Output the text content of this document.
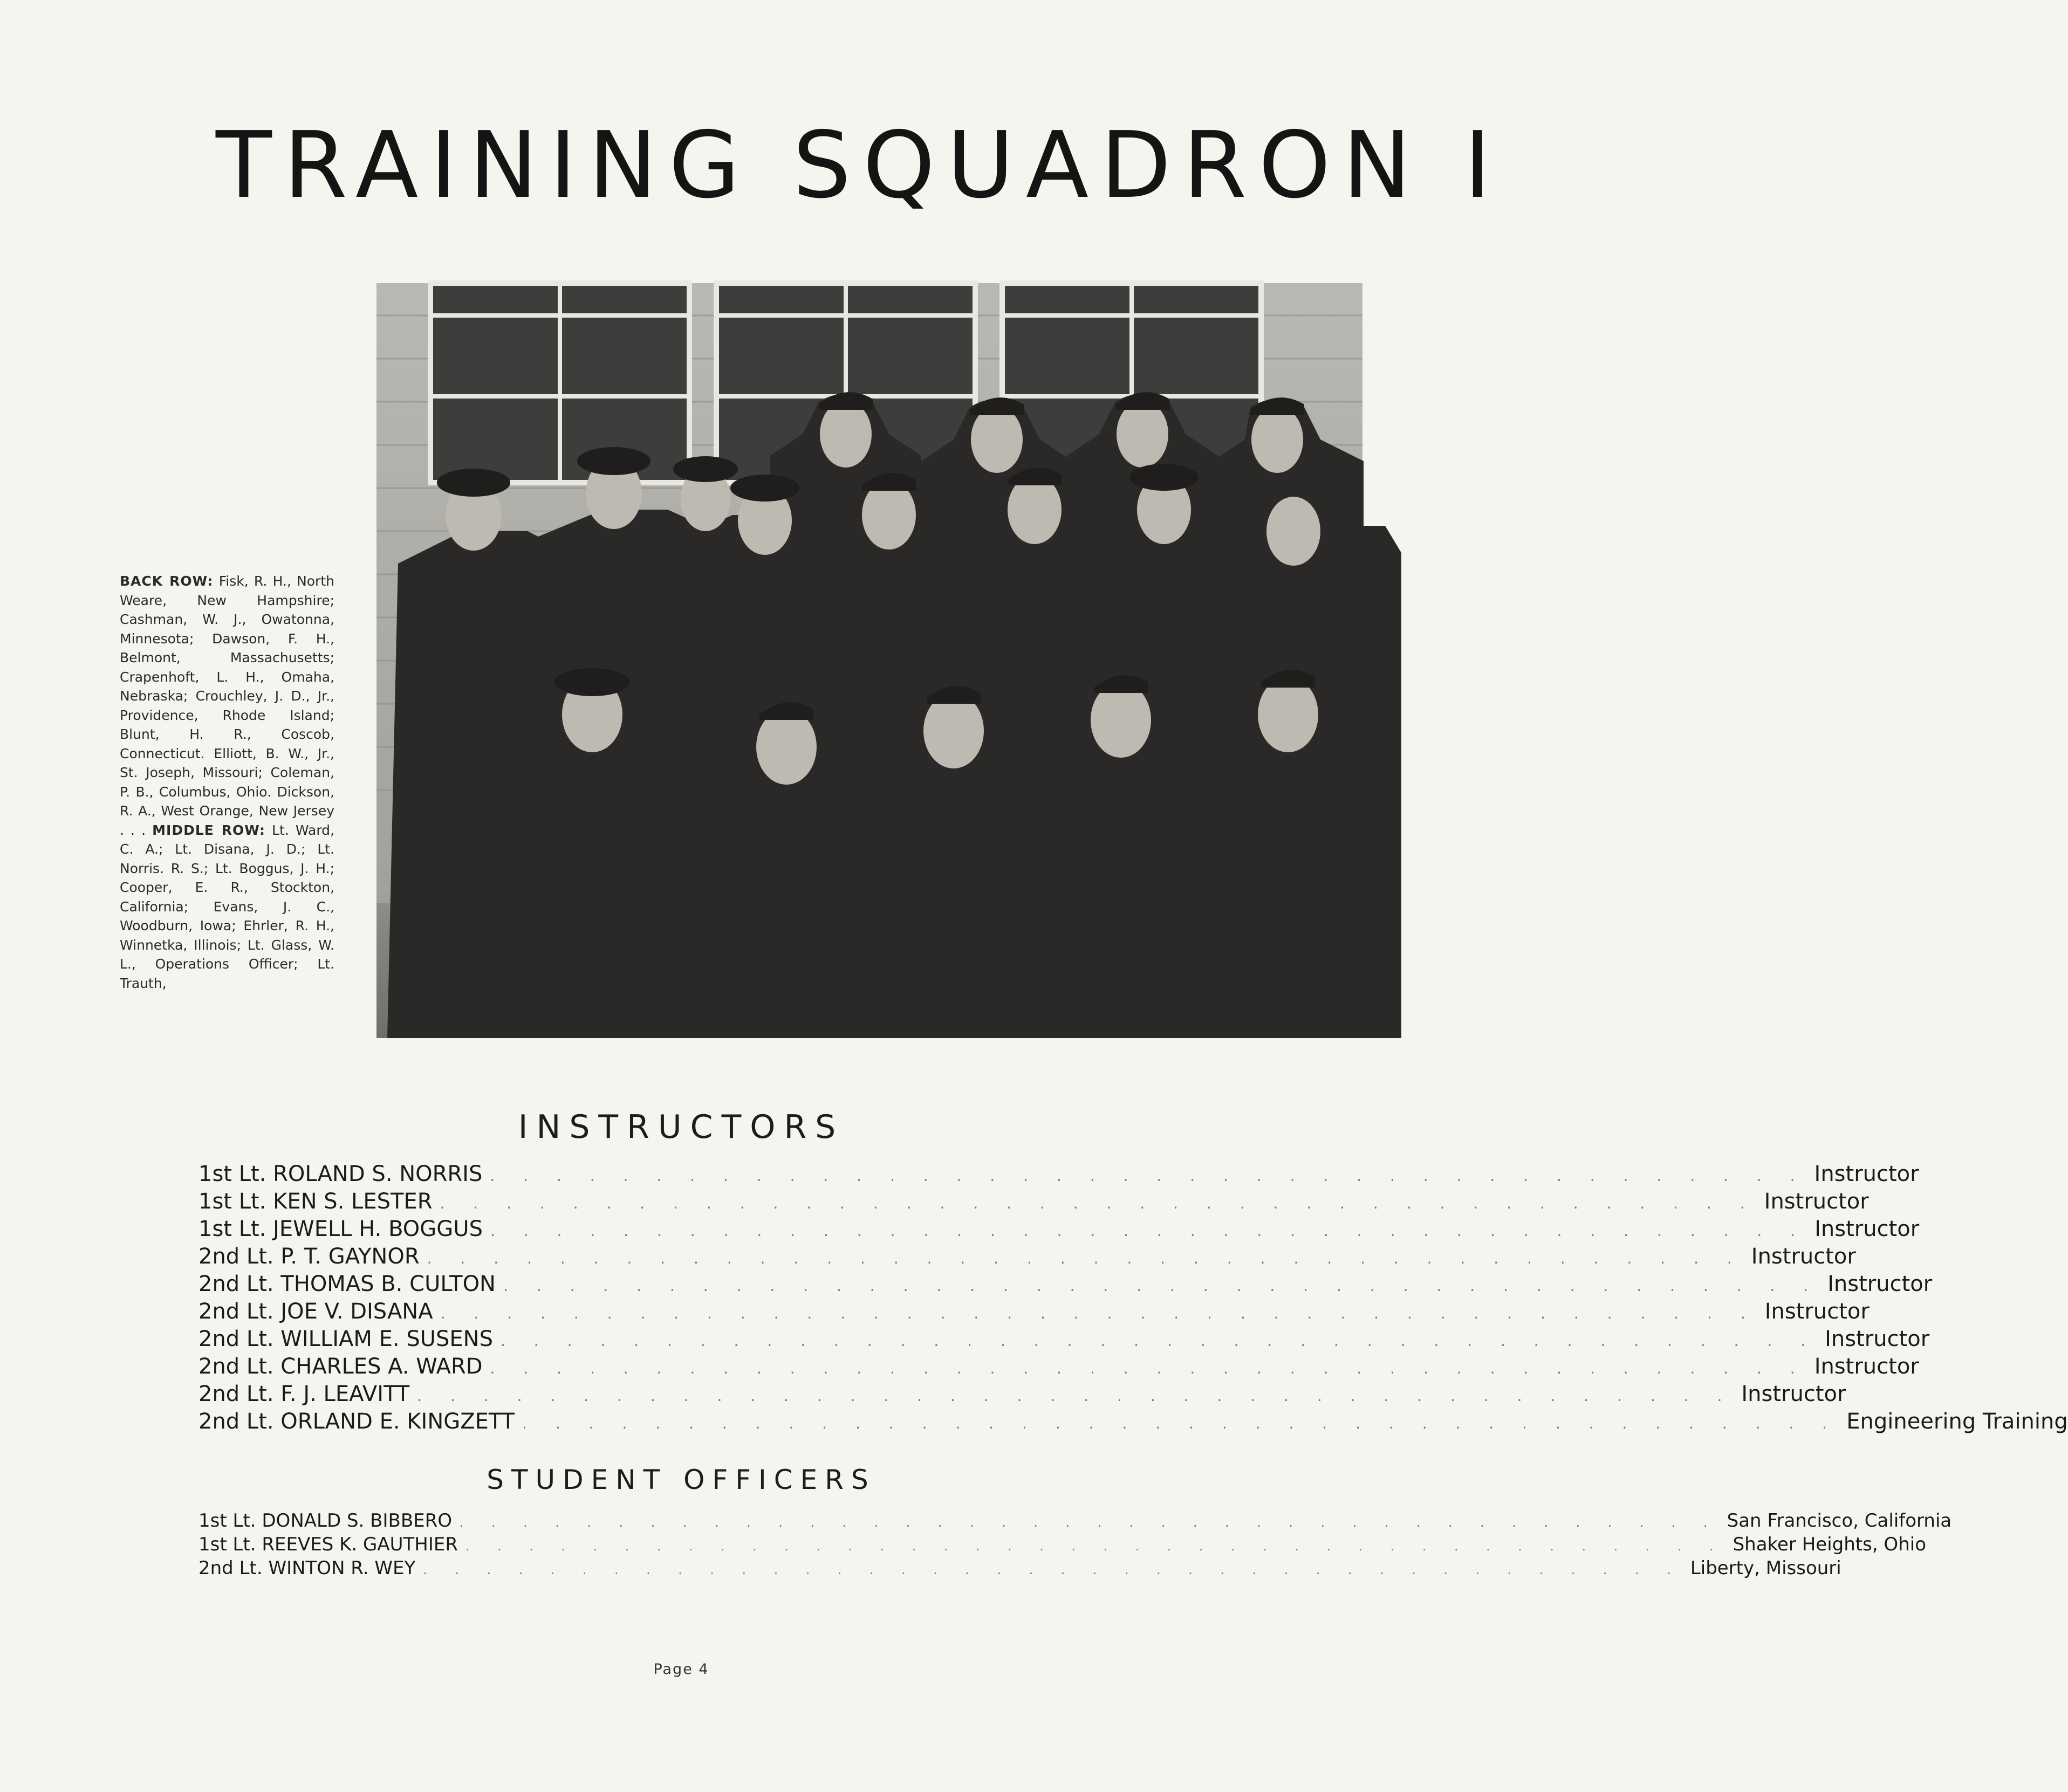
TRAINING SQUADRON I
BACK ROW: Fisk, R. H., North Weare, New Hampshire; Cashman, W. J., Owatonna, Minnesota; Dawson, F. H., Belmont, Massachusetts; Crapenhoft, L. H., Omaha, Nebraska; Crouchley, J. D., Jr., Providence, Rhode Island; Blunt, H. R., Coscob, Connecticut. Elliott, B. W., Jr., St. Joseph, Missouri; Coleman, P. B., Columbus, Ohio. Dickson, R. A., West Orange, New Jersey . . . MIDDLE ROW: Lt. Ward, C. A.; Lt. Disana, J. D.; Lt. Norris. R. S.; Lt. Boggus, J. H.; Cooper, E. R., Stockton, California; Evans, J. C., Woodburn, Iowa; Ehrler, R. H., Winnetka, Illinois; Lt. Glass, W. L., Operations Officer; Lt. Trauth,
INSTRUCTORS
1st Lt. ROLAND S. NORRIS . . . . . . . . . . . . . . . . . . . . . . . . . . . . . . . . . . . . . . . . Instructor
1st Lt. KEN S. LESTER . . . . . . . . . . . . . . . . . . . . . . . . . . . . . . . . . . . . . . . . Instructor
1st Lt. JEWELL H. BOGGUS . . . . . . . . . . . . . . . . . . . . . . . . . . . . . . . . . . . . . . . . Instructor
2nd Lt. P. T. GAYNOR . . . . . . . . . . . . . . . . . . . . . . . . . . . . . . . . . . . . . . . . Instructor
2nd Lt. THOMAS B. CULTON . . . . . . . . . . . . . . . . . . . . . . . . . . . . . . . . . . . . . . . . Instructor
2nd Lt. JOE V. DISANA . . . . . . . . . . . . . . . . . . . . . . . . . . . . . . . . . . . . . . . . Instructor
2nd Lt. WILLIAM E. SUSENS . . . . . . . . . . . . . . . . . . . . . . . . . . . . . . . . . . . . . . . . Instructor
2nd Lt. CHARLES A. WARD . . . . . . . . . . . . . . . . . . . . . . . . . . . . . . . . . . . . . . . . Instructor
2nd Lt. F. J. LEAVITT . . . . . . . . . . . . . . . . . . . . . . . . . . . . . . . . . . . . . . . . Instructor
2nd Lt. ORLAND E. KINGZETT . . . . . . . . . . . . . . . . . . . . . . . . . . . . . . . . . . . . . . . . Engineering Training
STUDENT OFFICERS
1st Lt. DONALD S. BIBBERO . . . . . . . . . . . . . . . . . . . . . . . . . . . . . . . . . . . . . . . . San Francisco, California
1st Lt. REEVES K. GAUTHIER . . . . . . . . . . . . . . . . . . . . . . . . . . . . . . . . . . . . . . . . Shaker Heights, Ohio
2nd Lt. WINTON R. WEY . . . . . . . . . . . . . . . . . . . . . . . . . . . . . . . . . . . . . . . . Liberty, Missouri
Page 4
